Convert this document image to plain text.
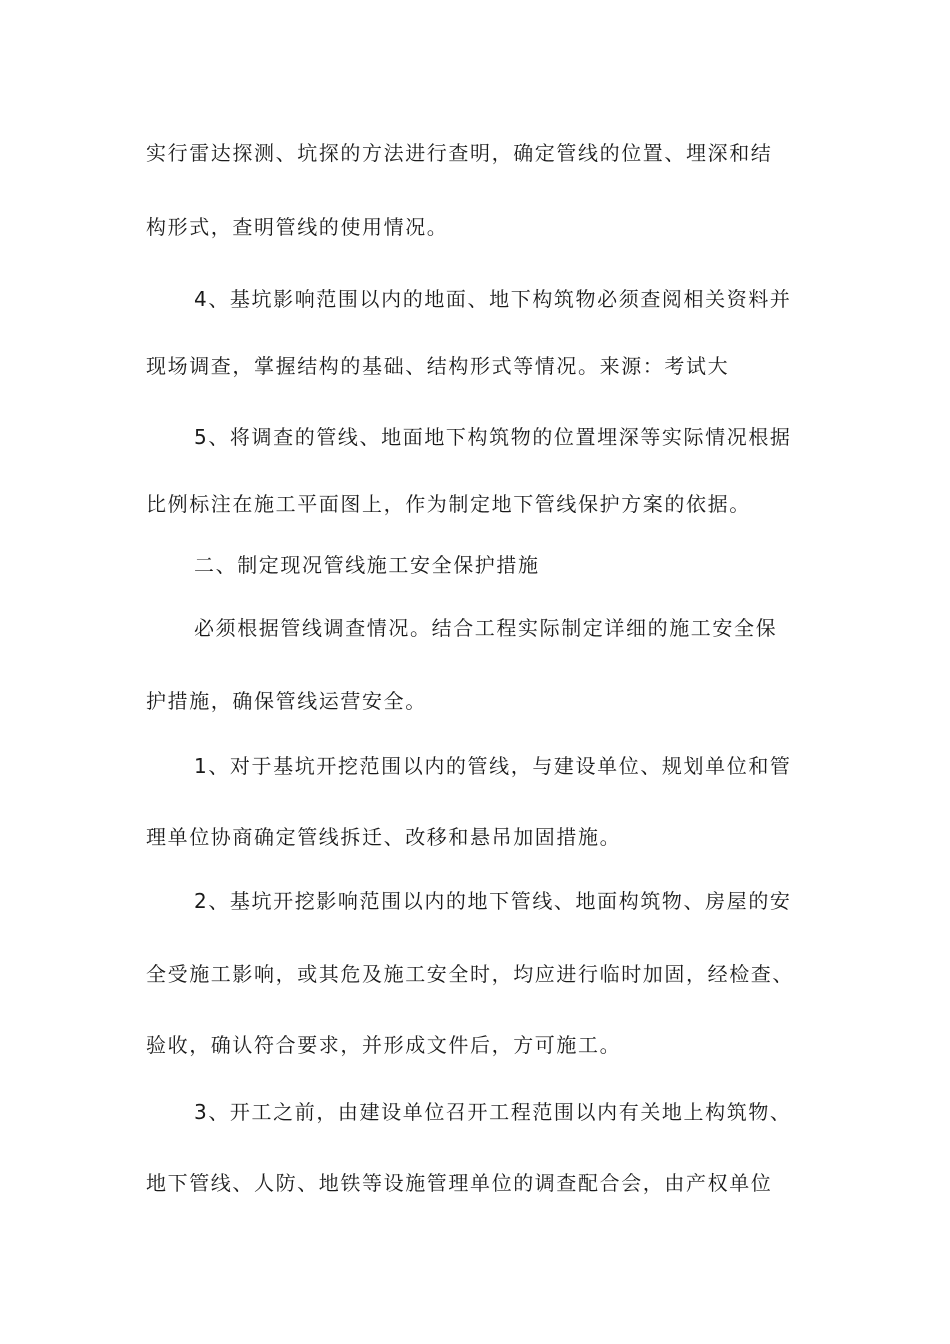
实行雷达探测、坑探的方法进行查明，确定管线的位置、埋深和结
构形式，查明管线的使用情况。
4、基坑影响范围以内的地面、地下构筑物必须查阅相关资料并
现场调查，掌握结构的基础、结构形式等情况。来源：考试大
5、将调查的管线、地面地下构筑物的位置埋深等实际情况根据
比例标注在施工平面图上，作为制定地下管线保护方案的依据。
二、制定现况管线施工安全保护措施
必须根据管线调查情况。结合工程实际制定详细的施工安全保
护措施，确保管线运营安全。
1、对于基坑开挖范围以内的管线，与建设单位、规划单位和管
理单位协商确定管线拆迁、改移和悬吊加固措施。
2、基坑开挖影响范围以内的地下管线、地面构筑物、房屋的安
全受施工影响，或其危及施工安全时，均应进行临时加固，经检查、
验收，确认符合要求，并形成文件后，方可施工。
3、开工之前，由建设单位召开工程范围以内有关地上构筑物、
地下管线、人防、地铁等设施管理单位的调查配合会，由产权单位
